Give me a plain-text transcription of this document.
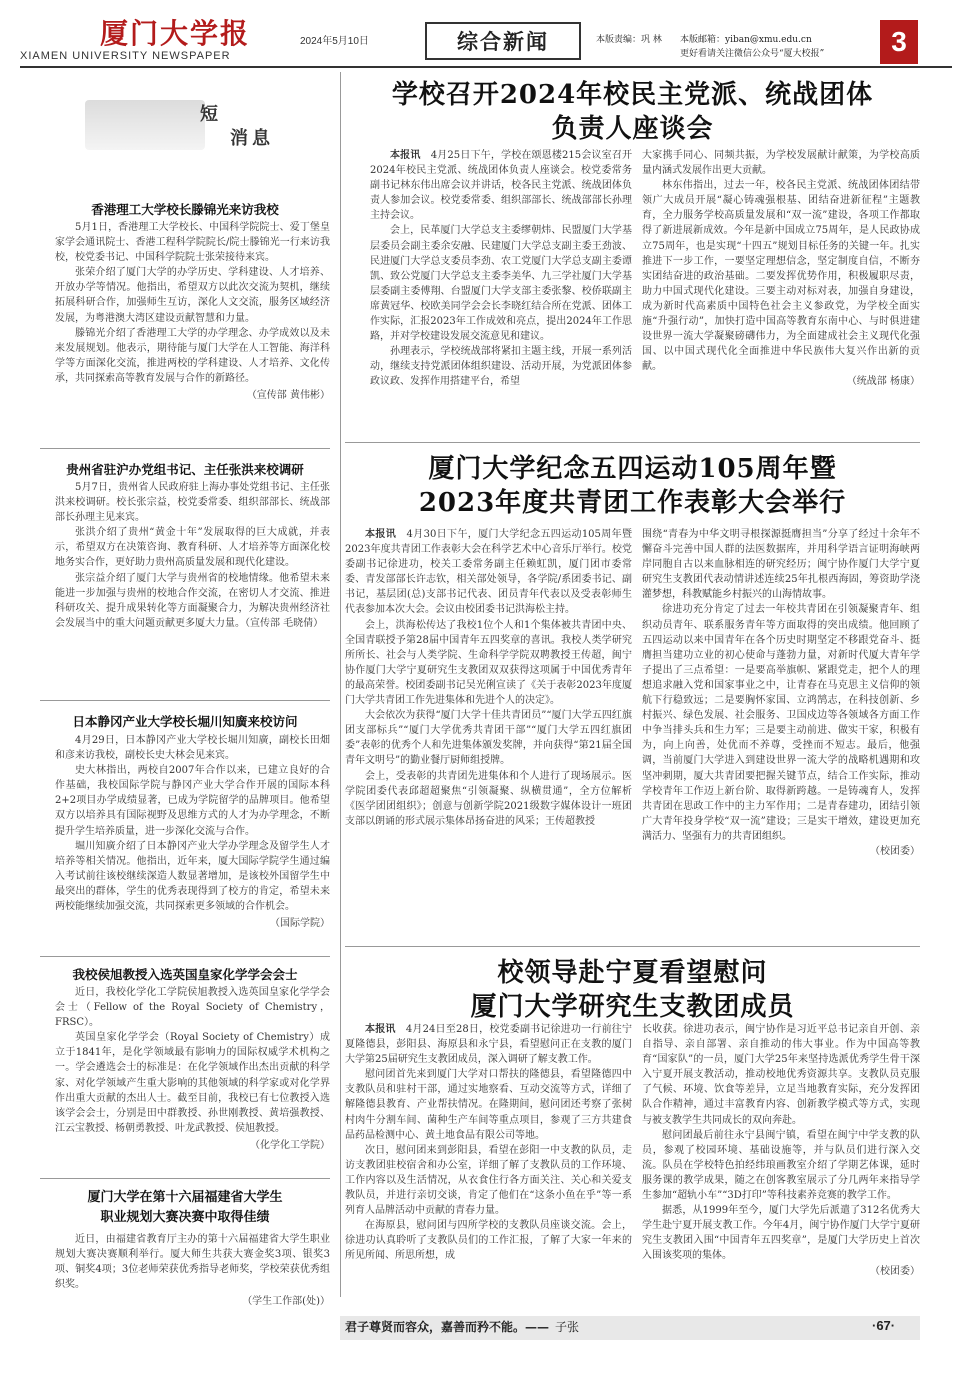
厦门大学报
XIAMEN UNIVERSITY NEWSPAPER
2024年5月10日	综合新闻	本版责编：巩 林 本版邮箱：yiban@xmu.edu.cn
更好看请关注微信公众号“厦大校报”	3
短
消息
香港理工大学校长滕锦光来访我校

5月1日，香港理工大学校长、中国科学院院士、爱丁堡皇家学会通讯院士、香港工程科学院院长/院士滕锦光一行来访我校，校党委书记、中国科学院院士张荣接待来宾。

张荣介绍了厦门大学的办学历史、学科建设、人才培养、开放办学等情况。他指出，希望双方以此次交流为契机，继续拓展科研合作，加强师生互访，深化人文交流，服务区域经济发展，为粤港澳大湾区建设贡献智慧和力量。

滕锦光介绍了香港理工大学的办学理念、办学成效以及未来发展规划。他表示，期待能与厦门大学在人工智能、海洋科学等方面深化交流，推进两校的学科建设、人才培养、文化传承，共同探索高等教育发展与合作的新路径。

（宣传部 黄伟彬）
贵州省驻沪办党组书记、主任张洪来校调研

5月7日，贵州省人民政府驻上海办事处党组书记、主任张洪来校调研。校长张宗益，校党委常委、组织部部长、统战部部长孙理主见来宾。

张洪介绍了贵州“黄金十年”发展取得的巨大成就，并表示，希望双方在决策咨询、教育科研、人才培养等方面深化校地务实合作，更好助力贵州高质量发展和现代化建设。

张宗益介绍了厦门大学与贵州省的校地情缘。他希望未来能进一步加强与贵州的校地合作交流，在密切人才交流、推进科研攻关、提升成果转化等方面凝聚合力，为解决贵州经济社会发展当中的重大问题贡献更多厦大力量。（宣传部 毛晓倩）

日本静冈产业大学校长堀川知廣来校访问

4月29日，日本静冈产业大学校长堀川知廣，副校长田畑和彦来访我校，副校长史大林会见来宾。

史大林指出，两校自2007年合作以来，已建立良好的合作基础，我校国际学院与静冈产业大学合作开展的国际本科2+2项目办学成绩显著，已成为学院留学的品牌项目。他希望双方以培养具有国际视野及思维方式的人才为办学理念，不断提升学生培养质量，进一步深化交流与合作。

堀川知廣介绍了日本静冈产业大学办学理念及留学生人才培养等相关情况。他指出，近年来，厦大国际学院学生通过编入考试前往该校继续深造人数显著增加，是该校外国留学生中最突出的群体，学生的优秀表现得到了校方的肯定，希望未来两校能继续加强交流，共同探索更多领域的合作机会。

（国际学院）
我校侯旭教授入选英国皇家化学学会会士

近日，我校化学化工学院侯旭教授入选英国皇家化学学会会士（Fellow of the Royal Society of Chemistry，FRSC）。

英国皇家化学学会（Royal Society of Chemistry）成立于1841年，是化学领域最有影响力的国际权威学术机构之一。学会遴选会士的标准是：在化学领域作出杰出贡献的科学家、对化学领域产生重大影响的其他领域的科学家或对化学界作出重大贡献的杰出人士。截至目前，我校已有七位教授入选该学会会士，分别是田中群教授、孙世刚教授、黄培强教授、江云宝教授、杨朝勇教授、叶龙武教授、侯旭教授。

（化学化工学院）
厦门大学在第十六届福建省大学生
职业规划大赛决赛中取得佳绩

近日，由福建省教育厅主办的第十六届福建省大学生职业规划大赛决赛顺利举行。厦大师生共获大赛金奖3项、银奖3项、铜奖4项；3位老师荣获优秀指导老师奖，学校荣获优秀组织奖。

（学生工作部(处)）
学校召开2024年校民主党派、统战团体
负责人座谈会

本报讯　 4月25日下午，学校在颂恩楼215会议室召开2024年校民主党派、统战团体负责人座谈会。校党委常务副书记林东伟出席会议并讲话，校各民主党派、统战团体负责人参加会议。校党委常委、组织部部长、统战部部长孙理主持会议。

会上，民革厦门大学总支主委缪朝炜、民盟厦门大学基层委员会副主委余安融、民建厦门大学总支副主委王劲波、民进厦门大学总支委员李劲、农工党厦门大学总支副主委谭凯、致公党厦门大学总支主委李美华、九三学社厦门大学基层委副主委傅翔、台盟厦门大学支部主委张黎、校侨联副主席黄冠华、校欧美同学会会长李晓红结合所在党派、团体工作实际，汇报2023年工作成效和亮点，提出2024年工作思路，并对学校建设发展交流意见和建议。

孙理表示，学校统战部将紧扣主题主线，开展一系列活动，继续支持党派团体组织建设、活动开展，为党派团体参政议政、发挥作用搭建平台，希望

大家携手同心、同频共振，为学校发展献计献策，为学校高质量内涵式发展作出更大贡献。

林东伟指出，过去一年，校各民主党派、统战团体团结带领广大成员开展“凝心铸魂强根基、团结奋进新征程”主题教育，全力服务学校高质量发展和“双一流”建设，各项工作都取得了新进展新成效。今年是新中国成立75周年，是人民政协成立75周年，也是实现“十四五”规划目标任务的关键一年。扎实推进下一步工作，一要坚定理想信念，坚定制度自信，不断夯实团结奋进的政治基础。二要发挥优势作用，积极履职尽责，助力中国式现代化建设。三要主动对标对表，加强自身建设，成为新时代高素质中国特色社会主义参政党，为学校全面实施“升强行动”，加快打造中国高等教育东南中心、与时俱进建设世界一流大学凝聚磅礴伟力，为全面建成社会主义现代化强国、以中国式现代化全面推进中华民族伟大复兴作出新的贡献。

（统战部 杨康）
厦门大学纪念五四运动105周年暨
2023年度共青团工作表彰大会举行

本报讯　 4月30日下午，厦门大学纪念五四运动105周年暨2023年度共青团工作表彰大会在科学艺术中心音乐厅举行。校党委副书记徐进功，校关工委常务副主任赖虹凯，厦门团市委常委、青发部部长许志钦，相关部处领导，各学院/系团委书记、副书记，基层团(总)支部书记代表、团员青年代表以及受表彰师生代表参加本次大会。会议由校团委书记洪海松主持。

会上，洪海松传达了我校1位个人和1个集体被共青团中央、全国青联授予第28届中国青年五四奖章的喜讯。我校人类学研究所所长、社会与人类学院、生命科学学院双聘教授王传超，闽宁协作厦门大学宁夏研究生支教团双双获得这项属于中国优秀青年的最高荣誉。校团委副书记吴光俐宣读了《关于表彰2023年度厦门大学共青团工作先进集体和先进个人的决定》。

大会依次为获得“厦门大学十佳共青团员”“厦门大学五四红旗团支部标兵”“厦门大学优秀共青团干部”“厦门大学五四红旗团委”表彰的优秀个人和先进集体颁发奖牌，并向获得“第21届全国青年文明号”的勤业餐厅厨师组授牌。

会上，受表彰的共青团先进集体和个人进行了现场展示。医学院团委代表邱超超聚焦“引领凝聚、纵横贯通”，全方位解析《医学团团组织》；创意与创新学院2021级数字媒体设计一班团支部以朗诵的形式展示集体昂扬奋进的风采；王传超教授

围绕“青春为中华文明寻根探源挺膺担当”分享了经过十余年不懈奋斗完善中国人群的法医数据库，并用科学语言证明海峡两岸同胞自古以来血脉相连的研究经历；闽宁协作厦门大学宁夏研究生支教团代表动情讲述连续25年扎根西海固，筹资助学浇灌梦想，科教赋能乡村振兴的山海情故事。

徐进功充分肯定了过去一年校共青团在引领凝聚青年、组织动员青年、联系服务青年等方面取得的突出成绩。他回顾了五四运动以来中国青年在各个历史时期坚定不移跟党奋斗、挺膺担当建功立业的初心使命与蓬勃力量，对新时代厦大青年学子提出了三点希望：一是要高举旗帜、紧跟党走，把个人的理想追求融入党和国家事业之中，让青春在马克思主义信仰的领航下行稳致远；二是要胸怀家国、立鸿鹄志，在科技创新、乡村振兴、绿色发展、社会服务、卫国戍边等各领域各方面工作中争当排头兵和生力军；三是要主动前进、做实干家，积极有为，向上向善，处优而不养尊，受挫而不短志。最后，他强调，当前厦门大学进入到建设世界一流大学的战略机遇期和攻坚冲刺期，厦大共青团要把握关键节点，结合工作实际，推动学校青年工作迈上新台阶、取得新跨越。一是铸魂育人，发挥共青团在思政工作中的主力军作用；二是青春建功，团结引领广大青年投身学校“双一流”建设；三是实干增效，建设更加充满活力、坚强有力的共青团组织。

（校团委）
校领导赴宁夏看望慰问
厦门大学研究生支教团成员

本报讯　 4月24日至28日，校党委副书记徐进功一行前往宁夏隆德县，彭阳县、海原县和永宁县，看望慰问正在支教的厦门大学第25届研究生支教团成员，深入调研了解支教工作。

慰问团首先来到厦门大学对口帮扶的隆德县，看望隆德四中支教队员和驻村干部，通过实地察看、互动交流等方式，详细了解隆德县教育、产业帮扶情况。在隆期间，慰问团还考察了张树村肉牛分割车间、菌种生产车间等重点项目，参观了三方共建食品药品检测中心、黄土地食品有限公司等地。

次日，慰问团来到彭阳县，看望在彭阳一中支教的队员，走访支教团驻校宿舍和办公室，详细了解了支教队员的工作环境、工作内容以及生活情况，从衣食住行各方面关注、关心和关爱支教队员，并进行亲切交谈，肯定了他们在“这条小鱼在乎”等一系列育人品牌活动中贡献的青春力量。

在海原县，慰问团与四所学校的支教队员座谈交流。会上，徐进功认真聆听了支教队员们的工作汇报，了解了大家一年来的所见所闻、所思所想，成

长收获。徐进功表示，闽宁协作是习近平总书记亲自开创、亲自指导、亲自部署、亲自推动的伟大事业。作为中国高等教育“国家队”的一员，厦门大学25年来坚持选派优秀学生骨干深入宁夏开展支教活动，推动校地优秀资源共享。支教队员克服了气候、环境、饮食等差异，立足当地教育实际，充分发挥团队合作精神，通过丰富教育内容、创新教学模式等方式，实现与被支教学生共同成长的双向奔赴。

慰问团最后前往永宁县闽宁镇，看望在闽宁中学支教的队员，参观了校园环境、基础设施等，并与队员们进行深入交流。队员在学校特色拍经纬琅画教室介绍了学期艺体课，延时服务课的教学成果，随之在创客教室展示了分几两年来指导学生参加“超轨小车”“3D打印”等科技素养竞赛的教学工作。

据悉，从1999年至今，厦门大学先后派遣了312名优秀大学生赴宁夏开展支教工作。今年4月，闽宁协作厦门大学宁夏研究生支教团入围“中国青年五四奖章”，是厦门大学历史上首次入围该奖项的集体。

（校团委）
君子尊贤而容众，嘉善而矜不能。—— 子张	·67·
